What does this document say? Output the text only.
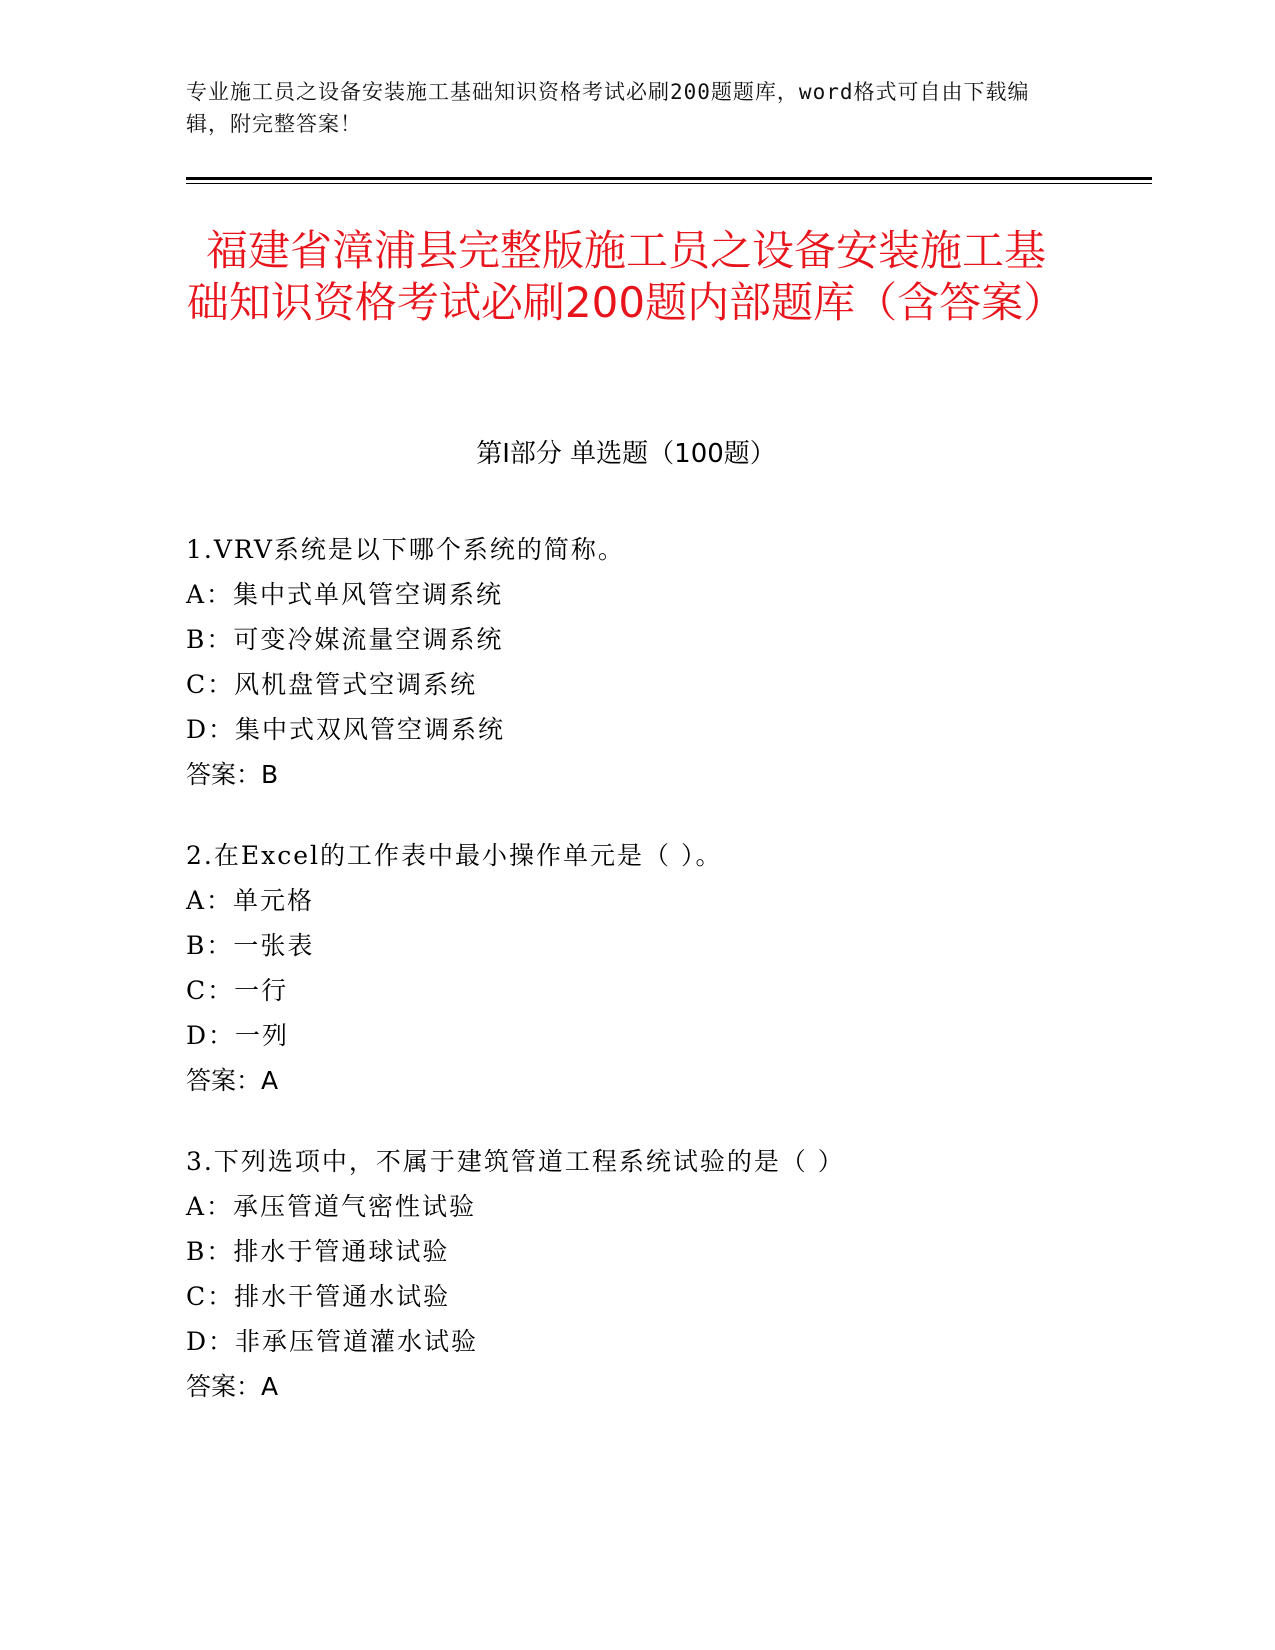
专业施工员之设备安装施工基础知识资格考试必刷200题题库，word格式可自由下载编辑，附完整答案！
福建省漳浦县完整版施工员之设备安装施工基础知识资格考试必刷200题内部题库（含答案）
第I部分 单选题（100题）
1.VRV系统是以下哪个系统的简称。
A：集中式单风管空调系统
B：可变冷媒流量空调系统
C：风机盘管式空调系统
D：集中式双风管空调系统
答案：B
2.在Excel的工作表中最小操作单元是（ ）。
A：单元格
B：一张表
C：一行
D：一列
答案：A
3.下列选项中，不属于建筑管道工程系统试验的是（ ）
A：承压管道气密性试验
B：排水于管通球试验
C：排水干管通水试验
D：非承压管道灌水试验
答案：A
